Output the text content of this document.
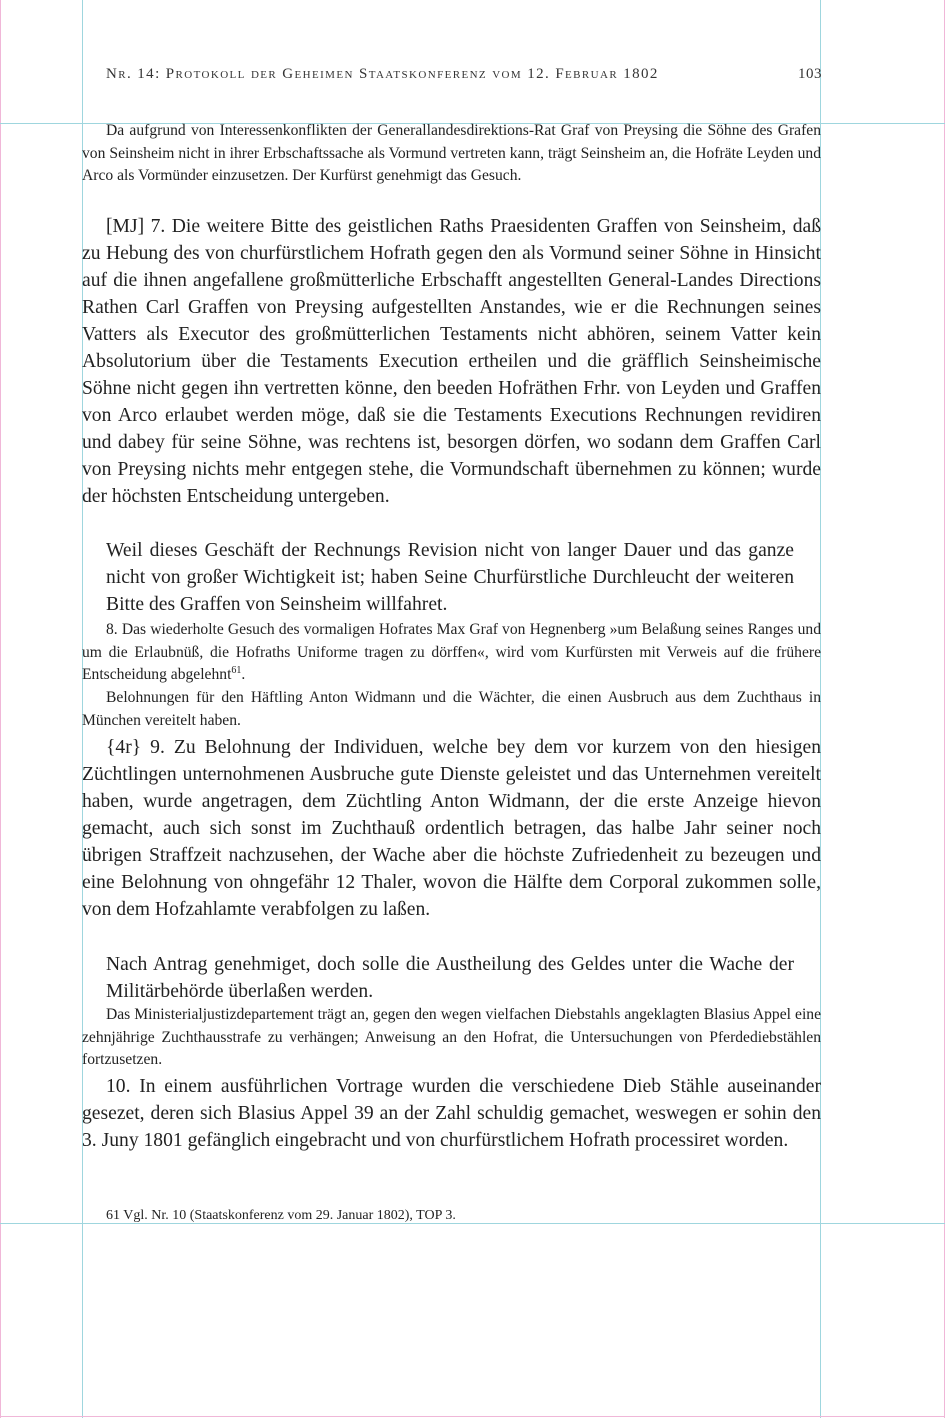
Nr. 14: Protokoll der Geheimen Staatskonferenz vom 12. Februar 1802	103

Da aufgrund von Interessenkonflikten der Generallandesdirektions-Rat Graf von Preysing die Söhne des Grafen von Seinsheim nicht in ihrer Erbschaftssache als Vormund vertreten kann, trägt Seinsheim an, die Hofräte Leyden und Arco als Vormünder einzusetzen. Der Kurfürst genehmigt das Gesuch.

[MJ] 7. Die weitere Bitte des geistlichen Raths Praesidenten Graffen von Seinsheim, daß zu Hebung des von churfürstlichem Hofrath gegen den als Vormund seiner Söhne in Hinsicht auf die ihnen angefallene großmütterliche Erbschafft angestellten General-Landes Directions Rathen Carl Graffen von Preysing aufgestellten Anstandes, wie er die Rechnungen seines Vatters als Executor des großmütterlichen Testaments nicht abhören, seinem Vatter kein Absolutorium über die Testaments Execution ertheilen und die gräfflich Seinsheimische Söhne nicht gegen ihn vertretten könne, den beeden Hofräthen Frhr. von Leyden und Graffen von Arco erlaubet werden möge, daß sie die Testaments Executions Rechnungen revidiren und dabey für seine Söhne, was rechtens ist, besorgen dörfen, wo sodann dem Graffen Carl von Preysing nichts mehr entgegen stehe, die Vormundschaft übernehmen zu können; wurde der höchsten Entscheidung untergeben.

Weil dieses Geschäft der Rechnungs Revision nicht von langer Dauer und das ganze nicht von großer Wichtigkeit ist; haben Seine Churfürstliche Durchleucht der weiteren Bitte des Graffen von Seinsheim willfahret.

8. Das wiederholte Gesuch des vormaligen Hofrates Max Graf von Hegnenberg »um Belaßung seines Ranges und um die Erlaubnüß, die Hofraths Uniforme tragen zu dörffen«, wird vom Kurfürsten mit Verweis auf die frühere Entscheidung abgelehnt$^{61}$.

Belohnungen für den Häftling Anton Widmann und die Wächter, die einen Ausbruch aus dem Zuchthaus in München vereitelt haben.

{4r} 9. Zu Belohnung der Individuen, welche bey dem vor kurzem von den hiesigen Züchtlingen unternohmenen Ausbruche gute Dienste geleistet und das Unternehmen vereitelt haben, wurde angetragen, dem Züchtling Anton Widmann, der die erste Anzeige hievon gemacht, auch sich sonst im Zuchthauß ordentlich betragen, das halbe Jahr seiner noch übrigen Straffzeit nachzusehen, der Wache aber die höchste Zufriedenheit zu bezeugen und eine Belohnung von ohngefähr 12 Thaler, wovon die Hälfte dem Corporal zukommen solle, von dem Hofzahlamte verabfolgen zu laßen.

Nach Antrag genehmiget, doch solle die Austheilung des Geldes unter die Wache der Militärbehörde überlaßen werden.

Das Ministerialjustizdepartement trägt an, gegen den wegen vielfachen Diebstahls angeklagten Blasius Appel eine zehnjährige Zuchthausstrafe zu verhängen; Anweisung an den Hofrat, die Untersuchungen von Pferdediebstählen fortzusetzen.

10. In einem ausführlichen Vortrage wurden die verschiedene Dieb Stähle auseinander gesezet, deren sich Blasius Appel 39 an der Zahl schuldig gemachet, weswegen er sohin den 3. Juny 1801 gefänglich eingebracht und von churfürstlichem Hofrath processiret worden.

61 Vgl. Nr. 10 (Staatskonferenz vom 29. Januar 1802), TOP 3.
